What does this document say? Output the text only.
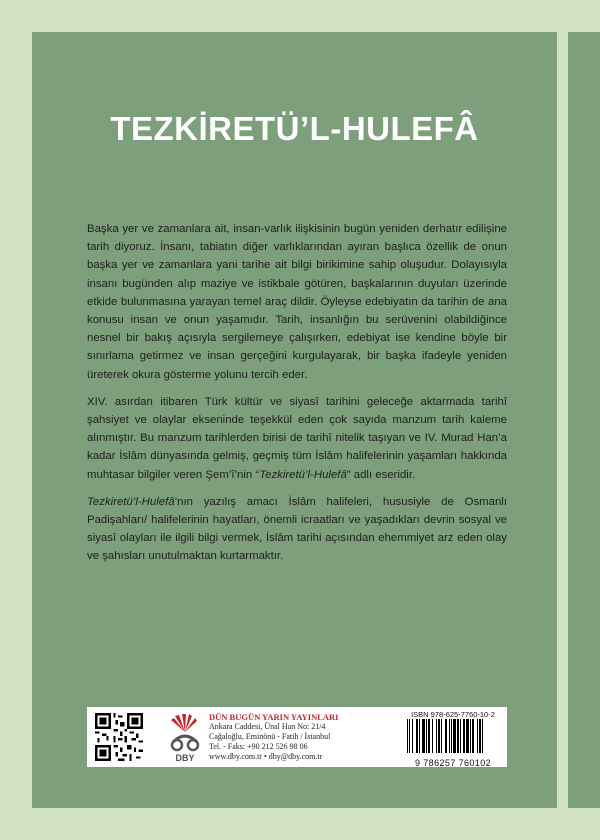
TEZKİRETÜ’L-HULEFÂ

Başka yer ve zamanlara ait, insan-varlık ilişkisinin bugün yeniden derhatır edilişine tarih diyoruz. İnsanı, tabiatın diğer varlıklarından ayıran başlıca özellik de onun başka yer ve zamanlara yani tarihe ait bilgi birikimine sahip oluşudur. Dolayısıyla insanı bugünden alıp maziye ve istikbale götüren, başkalarının duyuları üzerinde etkide bulunmasına yarayan temel araç dildir. Öyleyse edebiyatın da tarihin de ana konusu insan ve onun yaşamıdır. Tarih, insanlığın bu serüvenini olabildiğince nesnel bir bakış açısıyla sergilemeye çalışırken, edebiyat ise kendine böyle bir sınırlama getirmez ve insan gerçeğini kurgulayarak, bir başka ifadeyle yeniden üreterek okura gösterme yolunu tercih eder.

XIV. asırdan itibaren Türk kültür ve siyasî tarihini geleceğe aktarmada tarihî şahsiyet ve olaylar ekseninde teşekkül eden çok sayıda manzum tarih kaleme alınmıştır. Bu manzum tarihlerden birisi de tarihî nitelik taşıyan ve IV. Murad Han’a kadar İslâm dünyasında gelmiş, geçmiş tüm İslâm halifelerinin yaşamları hakkında muhtasar bilgiler veren Şem’î’nin “Tezkiretü’l-Hulefâ” adlı eseridir.

Tezkiretü’l-Hulefâ’nın yazılış amacı İslâm halifeleri, hususiyle de Osmanlı Padişahları/ halifelerinin hayatları, önemli icraatları ve yaşadıkları devrin sosyal ve siyasî olayları ile ilgili bilgi vermek, İslâm tarihi açısından ehemmiyet arz eden olay ve şahısları unutulmaktan kurtarmaktır.

DBY
DÜN BUGÜN YARIN YAYINLARI
Ankara Caddesi, Ünal Han No: 21/4
Cağaloğlu, Eminönü - Fatih / İstanbul
Tel. - Faks: +90 212 526 98 06
www.dby.com.tr • dby@dby.com.tr
ISBN 978-625-7760-10-2
9 786257 760102
